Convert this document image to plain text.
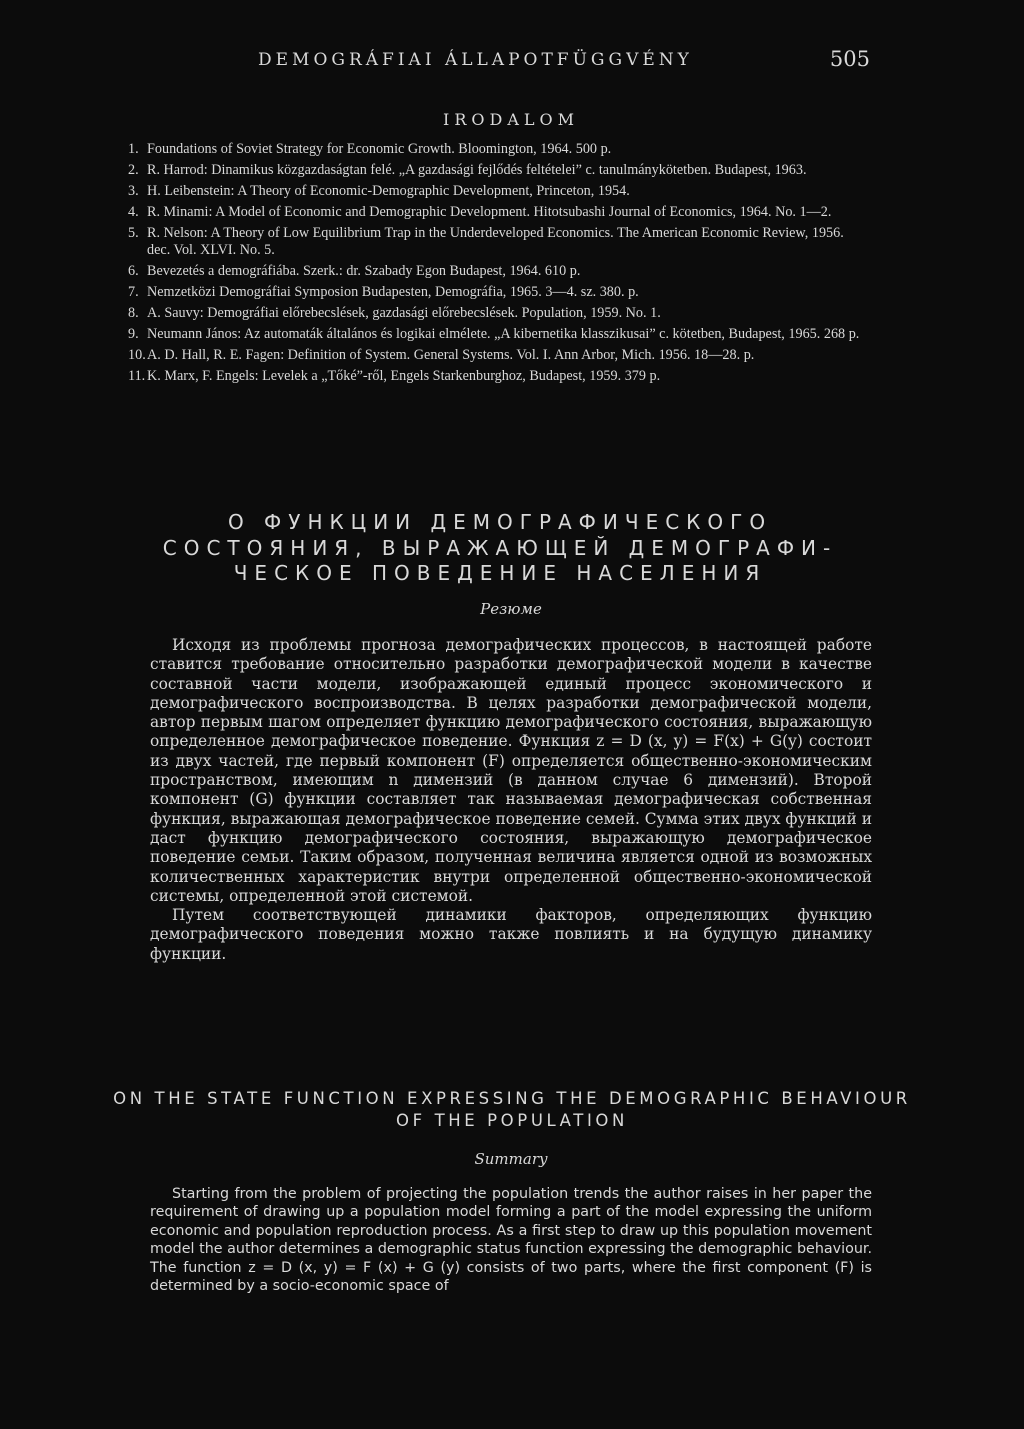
DEMOGRÁFIAI ÁLLAPOTFÜGGVÉNY	505
IRODALOM
1. Foundations of Soviet Strategy for Economic Growth. Bloomington, 1964. 500 p.
2. R. Harrod: Dinamikus közgazdaságtan felé. „A gazdasági fejlődés feltételei” c. tanulmánykötetben. Budapest, 1963.
3. H. Leibenstein: A Theory of Economic-Demographic Development, Princeton, 1954.
4. R. Minami: A Model of Economic and Demographic Development. Hitotsubashi Journal of Economics, 1964. No. 1—2.
5. R. Nelson: A Theory of Low Equilibrium Trap in the Underdeveloped Economics. The American Economic Review, 1956. dec. Vol. XLVI. No. 5.
6. Bevezetés a demográfiába. Szerk.: dr. Szabady Egon Budapest, 1964. 610 p.
7. Nemzetközi Demográfiai Symposion Budapesten, Demográfia, 1965. 3—4. sz. 380. p.
8. A. Sauvy: Demográfiai előrebecslések, gazdasági előrebecslések. Population, 1959. No. 1.
9. Neumann János: Az automaták általános és logikai elmélete. „A kibernetika klasszikusai” c. kötetben, Budapest, 1965. 268 p.
10. A. D. Hall, R. E. Fagen: Definition of System. General Systems. Vol. I. Ann Arbor, Mich. 1956. 18—28. p.
11. K. Marx, F. Engels: Levelek a „Tőké”-ről, Engels Starkenburghoz, Budapest, 1959. 379 p.
О ФУНКЦИИ ДЕМОГРАФИЧЕСКОГО СОСТОЯНИЯ, ВЫРАЖАЮЩЕЙ ДЕМОГРАФИ-ЧЕСКОЕ ПОВЕДЕНИЕ НАСЕЛЕНИЯ
Резюме

Исходя из проблемы прогноза демографических процессов, в настоящей работе ставится требование относительно разработки демографической модели в качестве составной части модели, изображающей единый процесс экономического и демографического воспроизводства. В целях разработки демографической модели, автор первым шагом определяет функцию демографического состояния, выражающую определенное демографическое поведение. Функция z = D (x, y) = F(x) + G(y) состоит из двух частей, где первый компонент (F) определяется общественно-экономическим пространством, имеющим n димензий (в данном случае 6 димензий). Второй компонент (G) функции составляет так называемая демографическая собственная функция, выражающая демографическое поведение семей. Сумма этих двух функций и даст функцию демографического состояния, выражающую демографическое поведение семьи. Таким образом, полученная величина является одной из возможных количественных характеристик внутри определенной общественно-экономической системы, определенной этой системой.

Путем соответствующей динамики факторов, определяющих функцию демографического поведения можно также повлиять и на будущую динамику функции.

ON THE STATE FUNCTION EXPRESSING THE DEMOGRAPHIC BEHAVIOUR OF THE POPULATION
Summary

Starting from the problem of projecting the population trends the author raises in her paper the requirement of drawing up a population model forming a part of the model expressing the uniform economic and population reproduction process. As a first step to draw up this population movement model the author determines a demographic status function expressing the demographic behaviour. The function z = D (x, y) = F (x) + G (y) consists of two parts, where the first component (F) is determined by a socio-economic space of
